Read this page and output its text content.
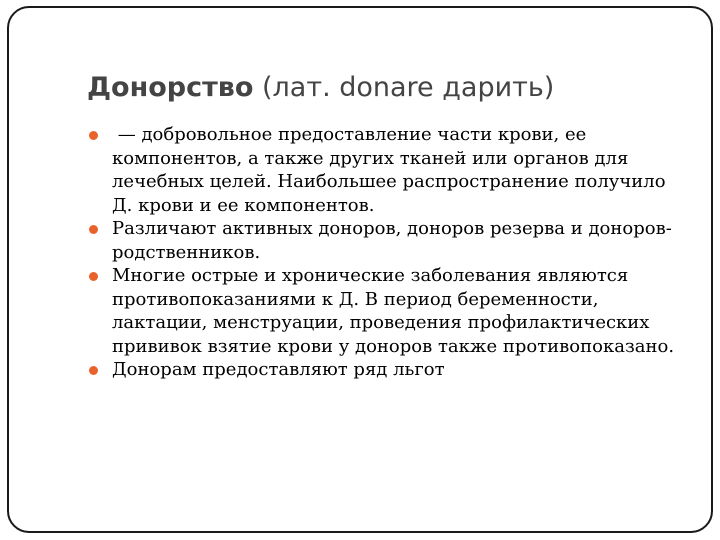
Донорство (лат. donare дарить)
— добровольное предоставление части крови, ее компонентов, а также других тканей или органов для лечебных целей. Наибольшее распространение получило Д. крови и ее компонентов.
Различают активных доноров, доноров резерва и доноров-родственников.
Многие острые и хронические заболевания являются противопоказаниями к Д. В период беременности, лактации, менструации, проведения профилактических прививок взятие крови у доноров также противопоказано.
Донорам предоставляют ряд льгот
